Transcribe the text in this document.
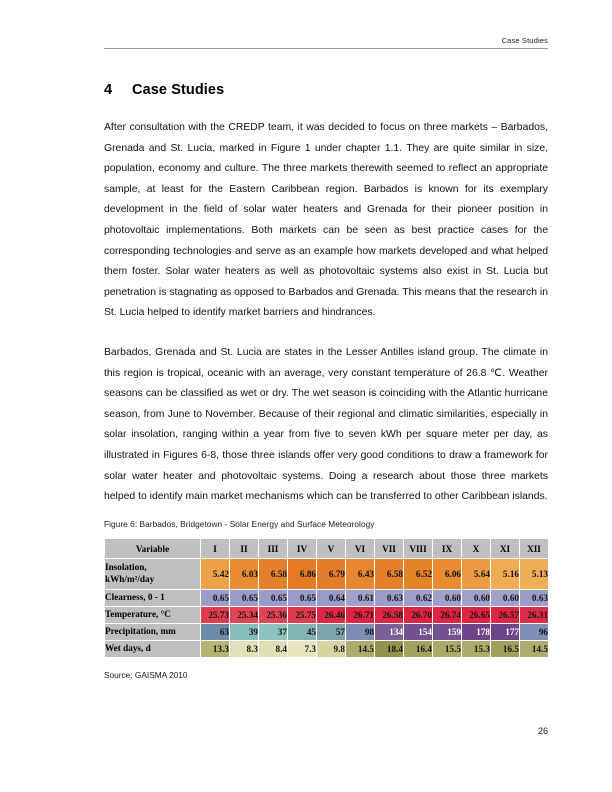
Case Studies
4 Case Studies
After consultation with the CREDP team, it was decided to focus on three markets – Barbados, Grenada and St. Lucia, marked in Figure 1 under chapter 1.1. They are quite similar in size, population, economy and culture. The three markets therewith seemed to reflect an appropriate sample, at least for the Eastern Caribbean region. Barbados is known for its exemplary development in the field of solar water heaters and Grenada for their pioneer position in photovoltaic implementations. Both markets can be seen as best practice cases for the corresponding technologies and serve as an example how markets developed and what helped them foster. Solar water heaters as well as photovoltaic systems also exist in St. Lucia but penetration is stagnating as opposed to Barbados and Grenada. This means that the research in St. Lucia helped to identify market barriers and hindrances.
Barbados, Grenada and St. Lucia are states in the Lesser Antilles island group. The climate in this region is tropical, oceanic with an average, very constant temperature of 26.8 ℃. Weather seasons can be classified as wet or dry. The wet season is coinciding with the Atlantic hurricane season, from June to November. Because of their regional and climatic similarities, especially in solar insolation, ranging within a year from five to seven kWh per square meter per day, as illustrated in Figures 6-8, those three islands offer very good conditions to draw a framework for solar water heater and photovoltaic systems. Doing a research about those three markets helped to identify main market mechanisms which can be transferred to other Caribbean islands.
Figure 6: Barbados, Bridgetown - Solar Energy and Surface Meteorology
Variable	I	II	III	IV	V	VI	VII	VIII	IX	X	XI	XII

Insolation,
kWh/m²/day	5.42	6.03	6.58	6.86	6.79	6.43	6.58	6.52	6.06	5.64	5.16	5.13
Clearness, 0 - 1	0.65	0.65	0.65	0.65	0.64	0.61	0.63	0.62	0.60	0.60	0.60	0.63
Temperature, °C	25.73	25.34	25.36	25.75	26.46	26.71	26.58	26.70	26.74	26.65	26.57	26.31
Precipitation, mm	63	39	37	45	57	98	134	154	159	178	177	96
Wet days, d	13.3	8.3	8.4	7.3	9.8	14.5	18.4	16.4	15.5	15.3	16.5	14.5
Source: GAISMA 2010
26
